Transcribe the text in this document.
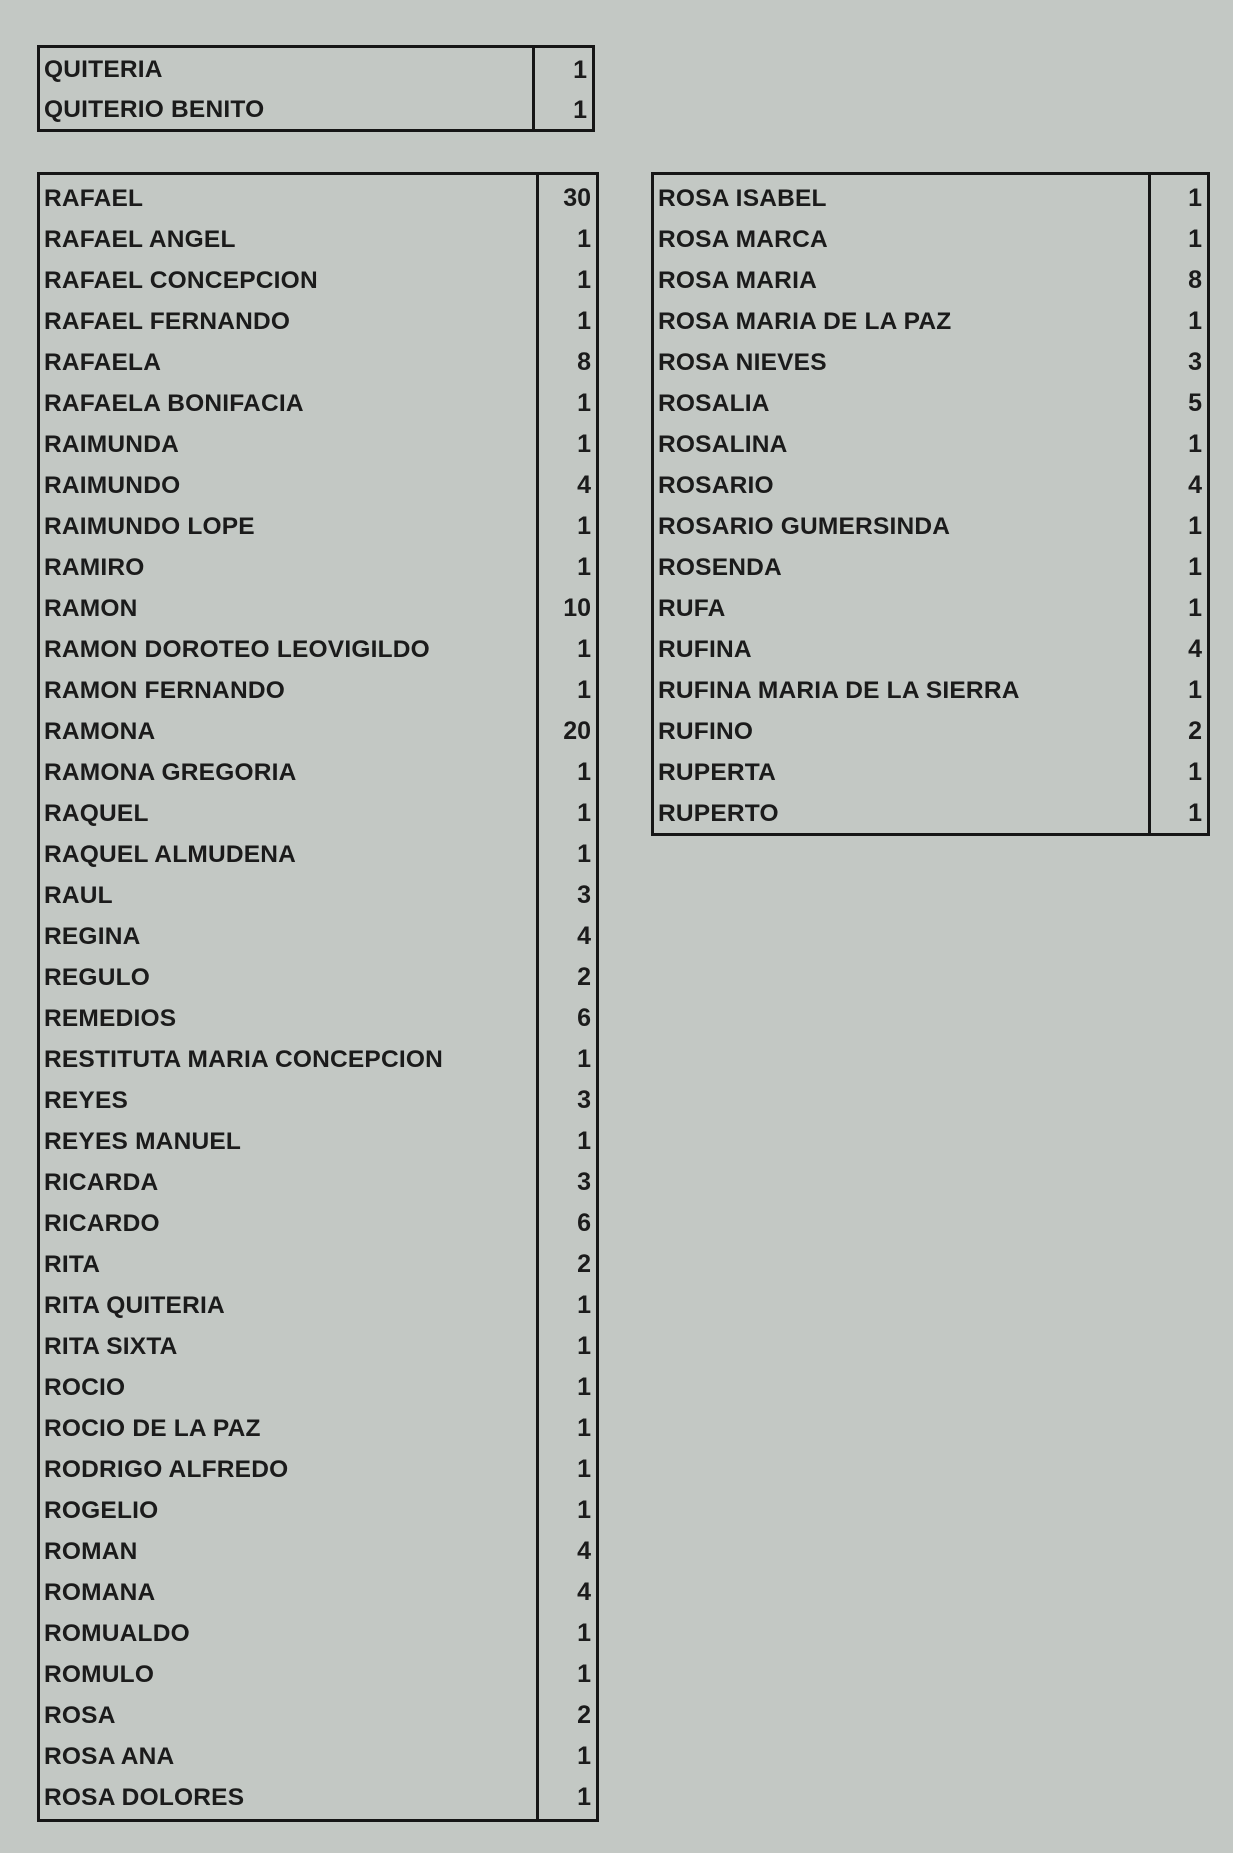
QUITERIA	1
QUITERIO BENITO	1
RAFAEL	30
RAFAEL ANGEL	1
RAFAEL CONCEPCION	1
RAFAEL FERNANDO	1
RAFAELA	8
RAFAELA BONIFACIA	1
RAIMUNDA	1
RAIMUNDO	4
RAIMUNDO LOPE	1
RAMIRO	1
RAMON	10
RAMON DOROTEO LEOVIGILDO	1
RAMON FERNANDO	1
RAMONA	20
RAMONA GREGORIA	1
RAQUEL	1
RAQUEL ALMUDENA	1
RAUL	3
REGINA	4
REGULO	2
REMEDIOS	6
RESTITUTA MARIA CONCEPCION	1
REYES	3
REYES MANUEL	1
RICARDA	3
RICARDO	6
RITA	2
RITA QUITERIA	1
RITA SIXTA	1
ROCIO	1
ROCIO DE LA PAZ	1
RODRIGO ALFREDO	1
ROGELIO	1
ROMAN	4
ROMANA	4
ROMUALDO	1
ROMULO	1
ROSA	2
ROSA ANA	1
ROSA DOLORES	1
ROSA ISABEL	1
ROSA MARCA	1
ROSA MARIA	8
ROSA MARIA DE LA PAZ	1
ROSA NIEVES	3
ROSALIA	5
ROSALINA	1
ROSARIO	4
ROSARIO GUMERSINDA	1
ROSENDA	1
RUFA	1
RUFINA	4
RUFINA MARIA DE LA SIERRA	1
RUFINO	2
RUPERTA	1
RUPERTO	1
